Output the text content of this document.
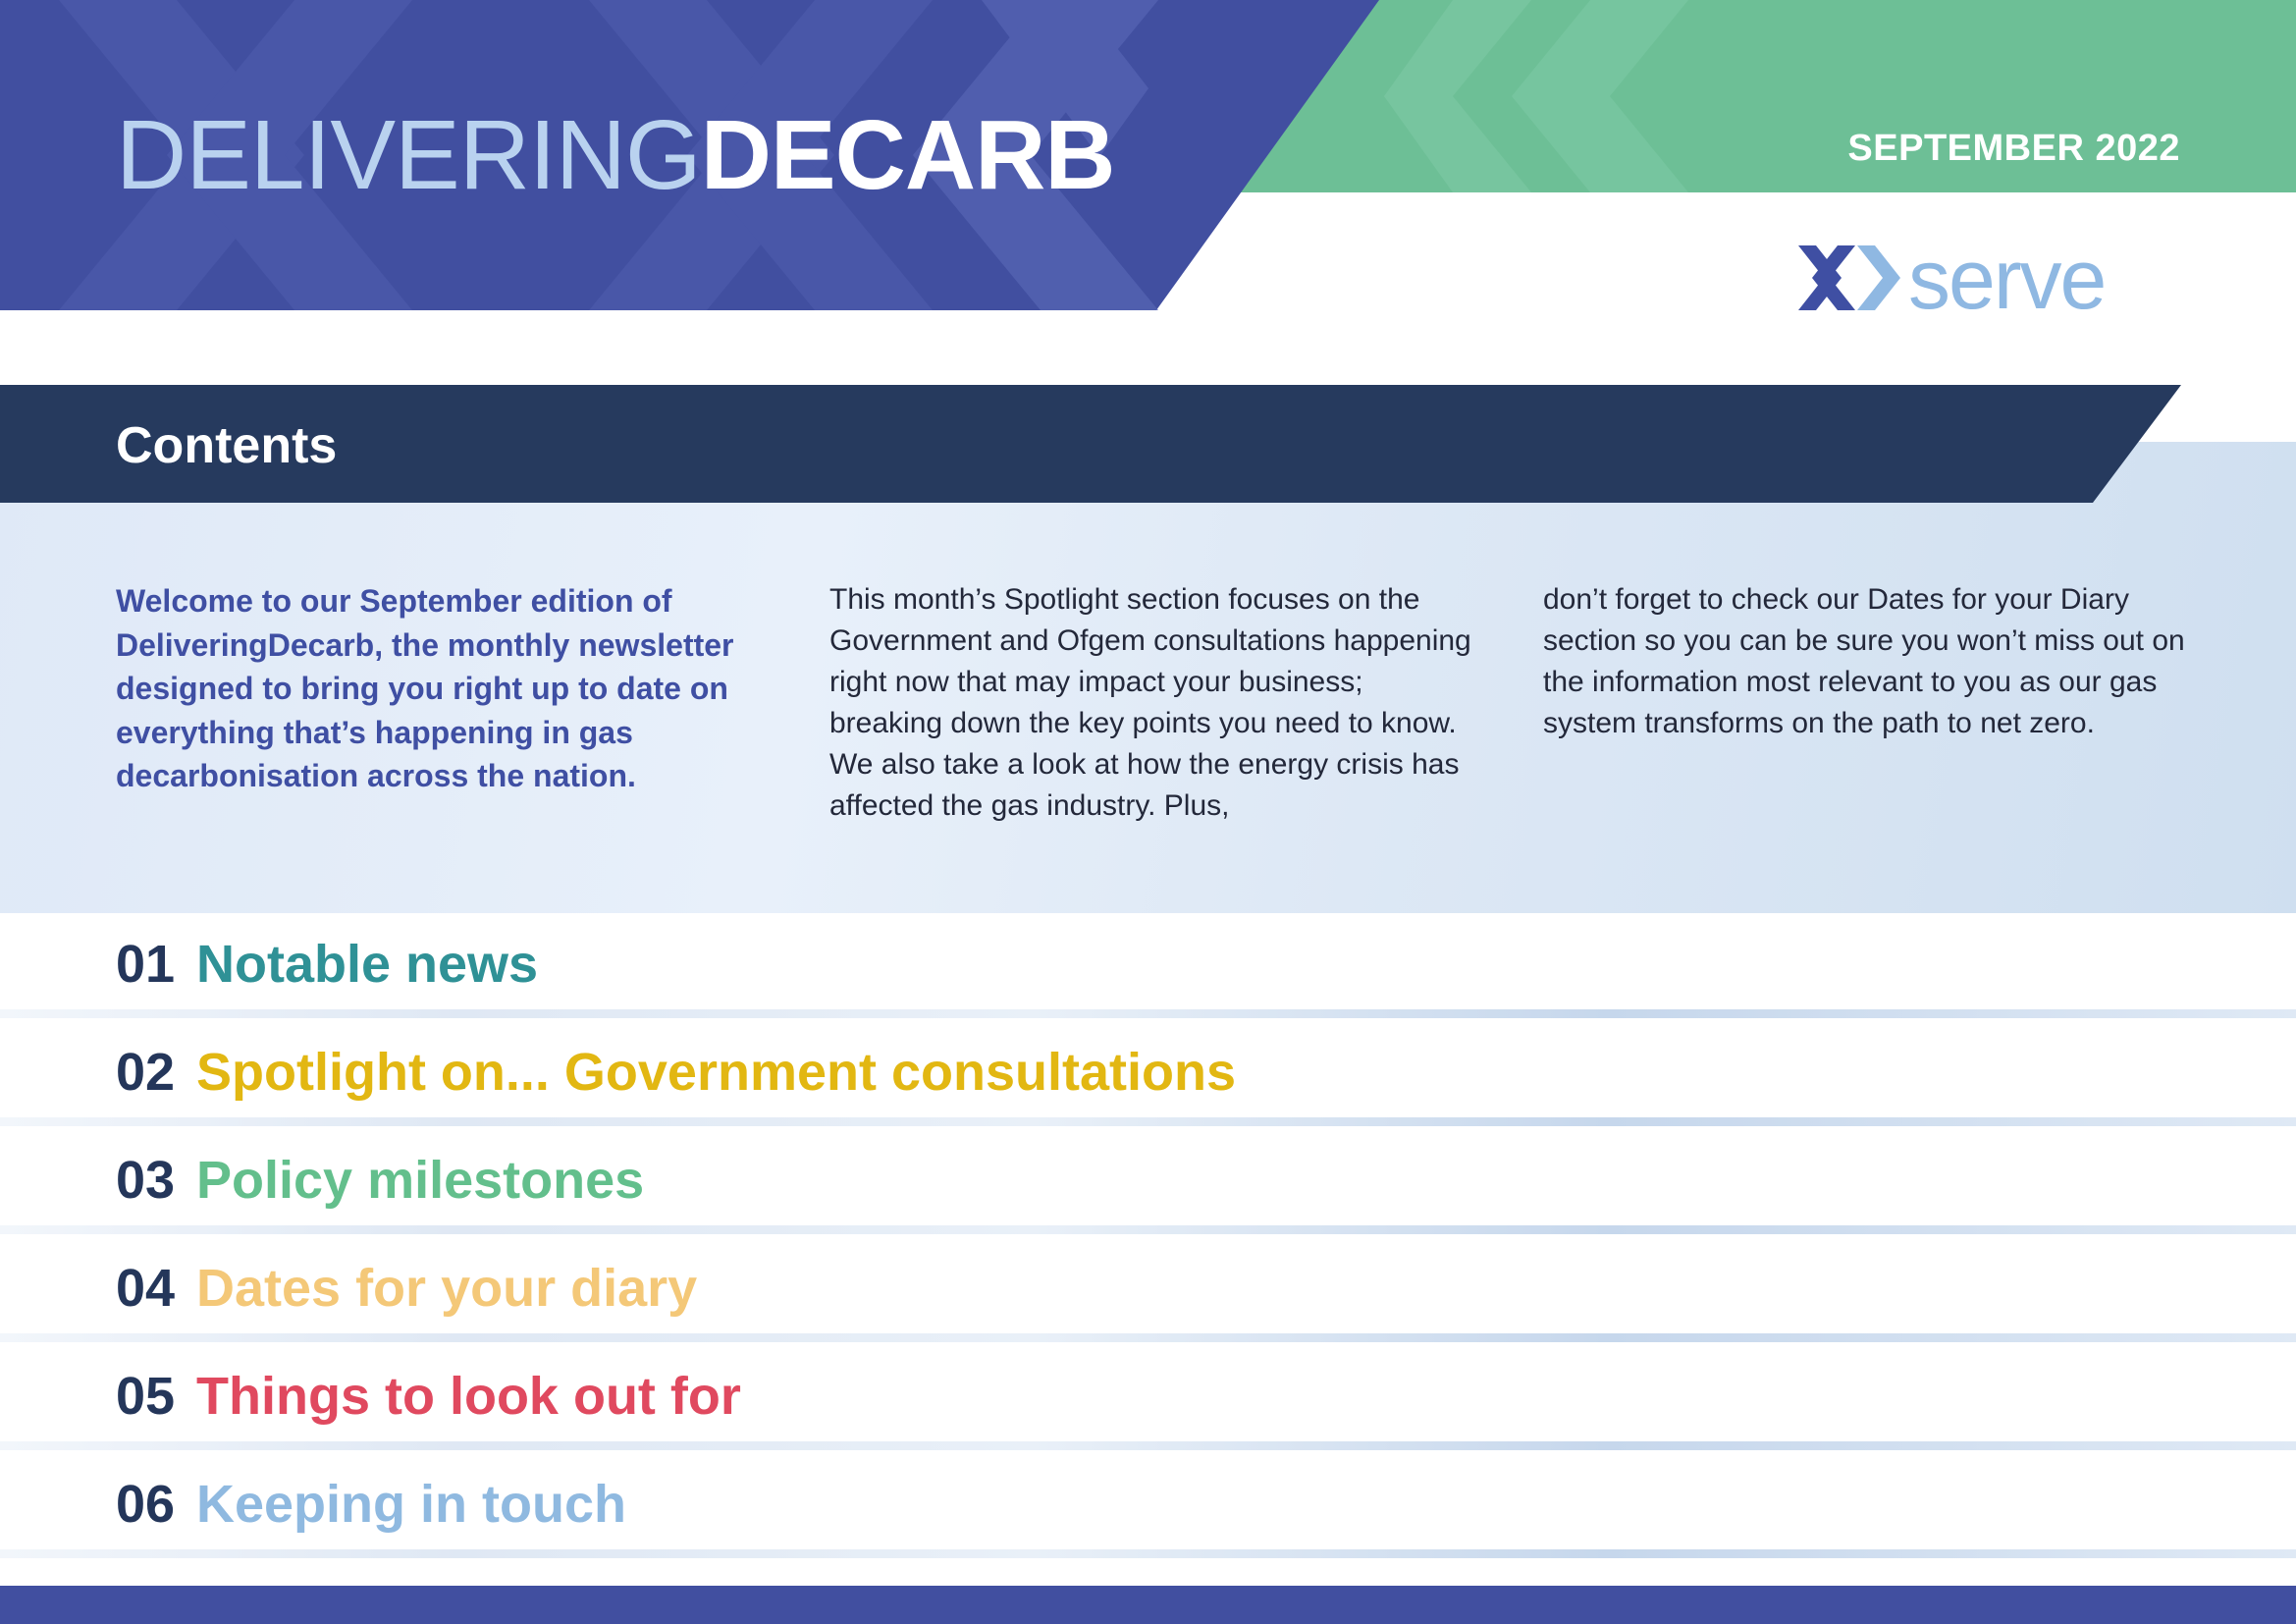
DELIVERINGDECARB	SEPTEMBER 2022
serve
Contents
Welcome to our September edition of DeliveringDecarb, the monthly newsletter designed to bring you right up to date on everything that’s happening in gas decarbonisation across the nation.
This month’s Spotlight section focuses on the Government and Ofgem consultations happening right now that may impact your business; breaking down the key points you need to know. We also take a look at how the energy crisis has affected the gas industry. Plus,
don’t forget to check our Dates for your Diary section so you can be sure you won’t miss out on the information most relevant to you as our gas system transforms on the path to net zero.
01 Notable news
02 Spotlight on... Government consultations
03 Policy milestones
04 Dates for your diary
05 Things to look out for
06 Keeping in touch
